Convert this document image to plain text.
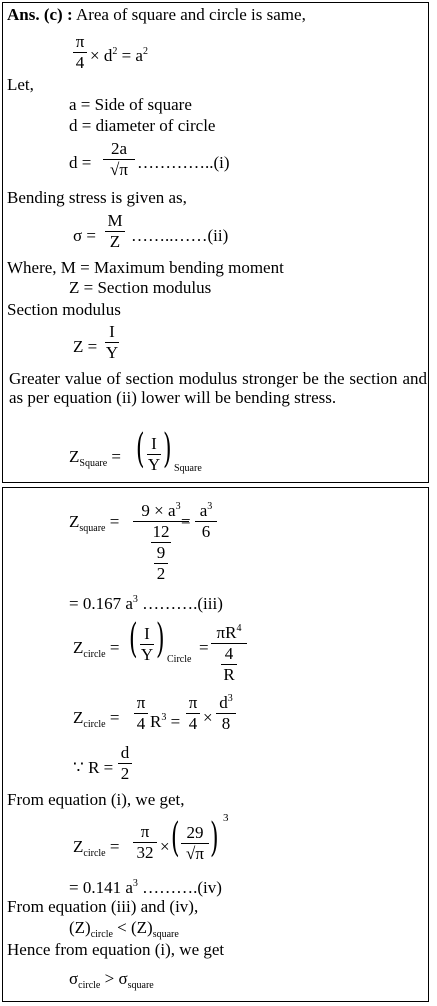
Ans. (c) : Area of square and circle is same,
π
$4 \times d^2 = a^2$
Let,
a = Side of square
d = diameter of circle
d =
2a
√π …………..(i)
Bending stress is given as,
σ =
M
Z ……..……(ii)
Where, M = Maximum bending moment
Z = Section modulus
Section modulus
Z =
I
Y
Greater value of section modulus stronger be the section and as per equation (ii) lower will be bending stress.
$Z_{Square}$ = ( I
Y ) Square
$Z_{square}$ =
$9 \times a^3$
12
9
2
=
$a^3$
6
= 0.167 $a^3$ ……….(iii)
$Z_{circle}$ = ( I
Y ) Circle
=
$\pi R^4$
4
R
$Z_{circle}$ =
π
4 $R^3$ =
π
4 ×
$d^3$
8
∵ R =
d
2
From equation (i), we get,
$Z_{circle}$ =
π
32 × ( 29
√π ) 3
= 0.141 $a^3$ ……….(iv)
From equation (iii) and (iv),
$(Z)_{circle} < (Z)_{square}$
Hence from equation (i), we get
$\sigma_{circle} > \sigma_{square}$
